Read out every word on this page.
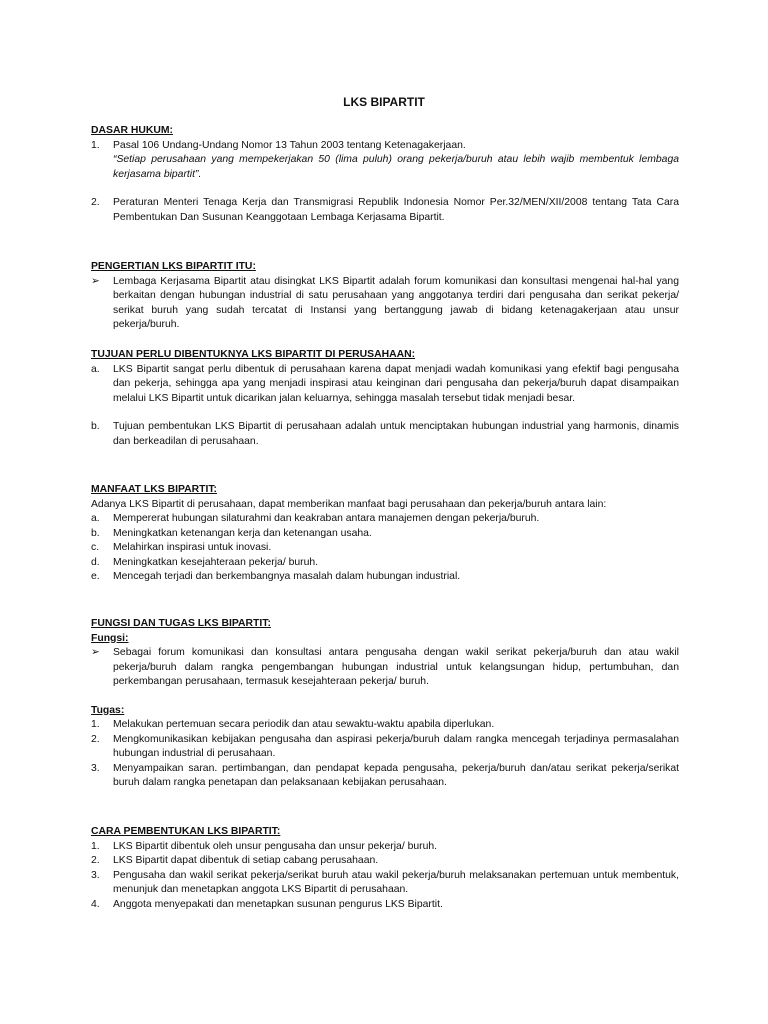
LKS BIPARTIT
DASAR HUKUM:
1. Pasal 106 Undang-Undang Nomor 13 Tahun 2003 tentang Ketenagakerjaan.
“Setiap perusahaan yang mempekerjakan 50 (lima puluh) orang pekerja/buruh atau lebih wajib membentuk lembaga kerjasama bipartit”.
2. Peraturan Menteri Tenaga Kerja dan Transmigrasi Republik Indonesia Nomor Per.32/MEN/XII/2008 tentang Tata Cara Pembentukan Dan Susunan Keanggotaan Lembaga Kerjasama Bipartit.
PENGERTIAN LKS BIPARTIT ITU:
➢ Lembaga Kerjasama Bipartit atau disingkat LKS Bipartit adalah forum komunikasi dan konsultasi mengenai hal-hal yang berkaitan dengan hubungan industrial di satu perusahaan yang anggotanya terdiri dari pengusaha dan serikat pekerja/ serikat buruh yang sudah tercatat di Instansi yang bertanggung jawab di bidang ketenagakerjaan atau unsur pekerja/buruh.
TUJUAN PERLU DIBENTUKNYA LKS BIPARTIT DI PERUSAHAAN:
a. LKS Bipartit sangat perlu dibentuk di perusahaan karena dapat menjadi wadah komunikasi yang efektif bagi pengusaha dan pekerja, sehingga apa yang menjadi inspirasi atau keinginan dari pengusaha dan pekerja/buruh dapat disampaikan melalui LKS Bipartit untuk dicarikan jalan keluarnya, sehingga masalah tersebut tidak menjadi besar.
b. Tujuan pembentukan LKS Bipartit di perusahaan adalah untuk menciptakan hubungan industrial yang harmonis, dinamis dan berkeadilan di perusahaan.
MANFAAT LKS BIPARTIT:
Adanya LKS Bipartit di perusahaan, dapat memberikan manfaat bagi perusahaan dan pekerja/buruh antara lain:
a. Mempererat hubungan silaturahmi dan keakraban antara manajemen dengan pekerja/buruh.
b. Meningkatkan ketenangan kerja dan ketenangan usaha.
c. Melahirkan inspirasi untuk inovasi.
d. Meningkatkan kesejahteraan pekerja/ buruh.
e. Mencegah terjadi dan berkembangnya masalah dalam hubungan industrial.
FUNGSI DAN TUGAS LKS BIPARTIT:
Fungsi:
➢ Sebagai forum komunikasi dan konsultasi antara pengusaha dengan wakil serikat pekerja/buruh dan atau wakil pekerja/buruh dalam rangka pengembangan hubungan industrial untuk kelangsungan hidup, pertumbuhan, dan perkembangan perusahaan, termasuk kesejahteraan pekerja/ buruh.
Tugas:
1. Melakukan pertemuan secara periodik dan atau sewaktu-waktu apabila diperlukan.
2. Mengkomunikasikan kebijakan pengusaha dan aspirasi pekerja/buruh dalam rangka mencegah terjadinya permasalahan hubungan industrial di perusahaan.
3. Menyampaikan saran. pertimbangan, dan pendapat kepada pengusaha, pekerja/buruh dan/atau serikat pekerja/serikat buruh dalam rangka penetapan dan pelaksanaan kebijakan perusahaan.
CARA PEMBENTUKAN LKS BIPARTIT:
1. LKS Bipartit dibentuk oleh unsur pengusaha dan unsur pekerja/ buruh.
2. LKS Bipartit dapat dibentuk di setiap cabang perusahaan.
3. Pengusaha dan wakil serikat pekerja/serikat buruh atau wakil pekerja/buruh melaksanakan pertemuan untuk membentuk, menunjuk dan menetapkan anggota LKS Bipartit di perusahaan.
4. Anggota menyepakati dan menetapkan susunan pengurus LKS Bipartit.
